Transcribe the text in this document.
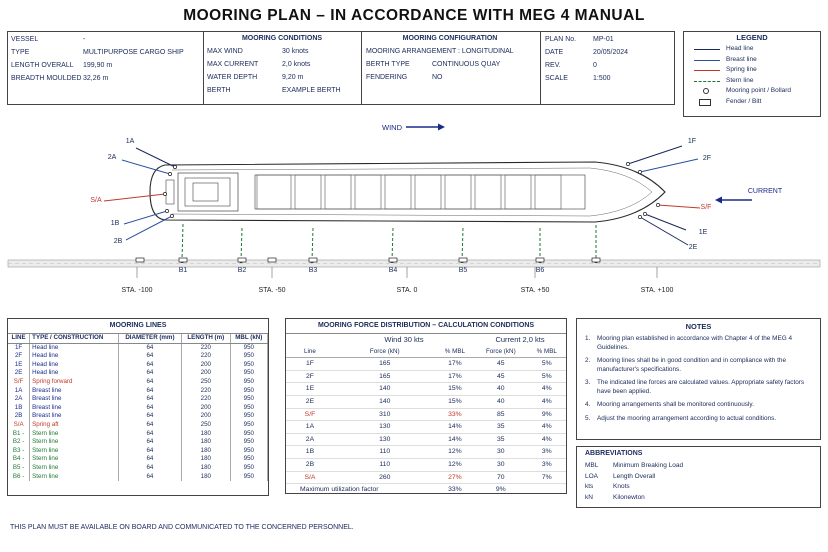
MOORING PLAN – IN ACCORDANCE WITH MEG 4 MANUAL
VESSEL	-
TYPE	MULTIPURPOSE CARGO SHIP
LENGTH OVERALL 199,90 m
BREADTH MOULDED 32,26 m
MOORING CONDITIONS
MAX WIND	30 knots
MAX CURRENT	2,0 knots
WATER DEPTH	9,20 m
BERTH	EXAMPLE BERTH
MOORING CONFIGURATION
MOORING ARRANGEMENT : LONGITUDINAL
BERTH TYPE	CONTINUOUS QUAY
FENDERING	NO
PLAN No. MP-01
DATE	20/05/2024
REV.	0
SCALE	1:500
LEGEND
Head line
Breast line
Spring line
Stern line
Mooring point / Bollard
Fender / Bitt
WIND
CURRENT
B1	B2	B3	B4	B5	B6
STA. -100	STA. -50	STA. 0	STA. +50	STA. +100
1A
2A
S/A
1B
2B
1F
2F
S/F
1E
2E
MOORING LINES
LINE	TYPE / CONSTRUCTION	DIAMETER (mm)	LENGTH (m)	MBL (kN)
1F	Head line	64	220	950
2F	Head line	64	220	950
1E	Head line	64	200	950
2E	Head line	64	200	950
S/F	Spring forward	64	250	950
1A	Breast line	64	220	950
2A	Breast line	64	220	950
1B	Breast line	64	200	950
2B	Breast line	64	200	950
S/A	Spring aft	64	250	950
B1 -	Stern line	64	180	950
B2 -	Stern line	64	180	950
B3 -	Stern line	64	180	950
B4 -	Stern line	64	180	950
B5 -	Stern line	64	180	950
B6 -	Stern line	64	180	950
MOORING FORCE DISTRIBUTION – CALCULATION CONDITIONS
	Wind 30 kts		Current 2,0 kts	
Line	Force (kN)	% MBL	Force (kN)	% MBL
1F	165	17%	45	5%
2F	165	17%	45	5%
1E	140	15%	40	4%
2E	140	15%	40	4%
S/F	310	33%	85	9%
1A	130	14%	35	4%
2A	130	14%	35	4%
1B	110	12%	30	3%
2B	110	12%	30	3%
S/A	260	27%	70	7%
Maximum utilization factor		33%	9%	
NOTES

1.	Mooring plan established in accordance with Chapter 4 of the MEG 4 Guidelines.

2.	Mooring lines shall be in good condition and in compliance with the manufacturer's specifications.

3.	The indicated line forces are calculated values. Appropriate safety factors have been applied.

4.	Mooring arrangements shall be monitored continuously.

5.	Adjust the mooring arrangement according to actual conditions.

ABBREVIATIONS
MBL Minimum Breaking Load
LOA Length Overall
kts	Knots
kN	Kilonewton
THIS PLAN MUST BE AVAILABLE ON BOARD AND COMMUNICATED TO THE CONCERNED PERSONNEL.
